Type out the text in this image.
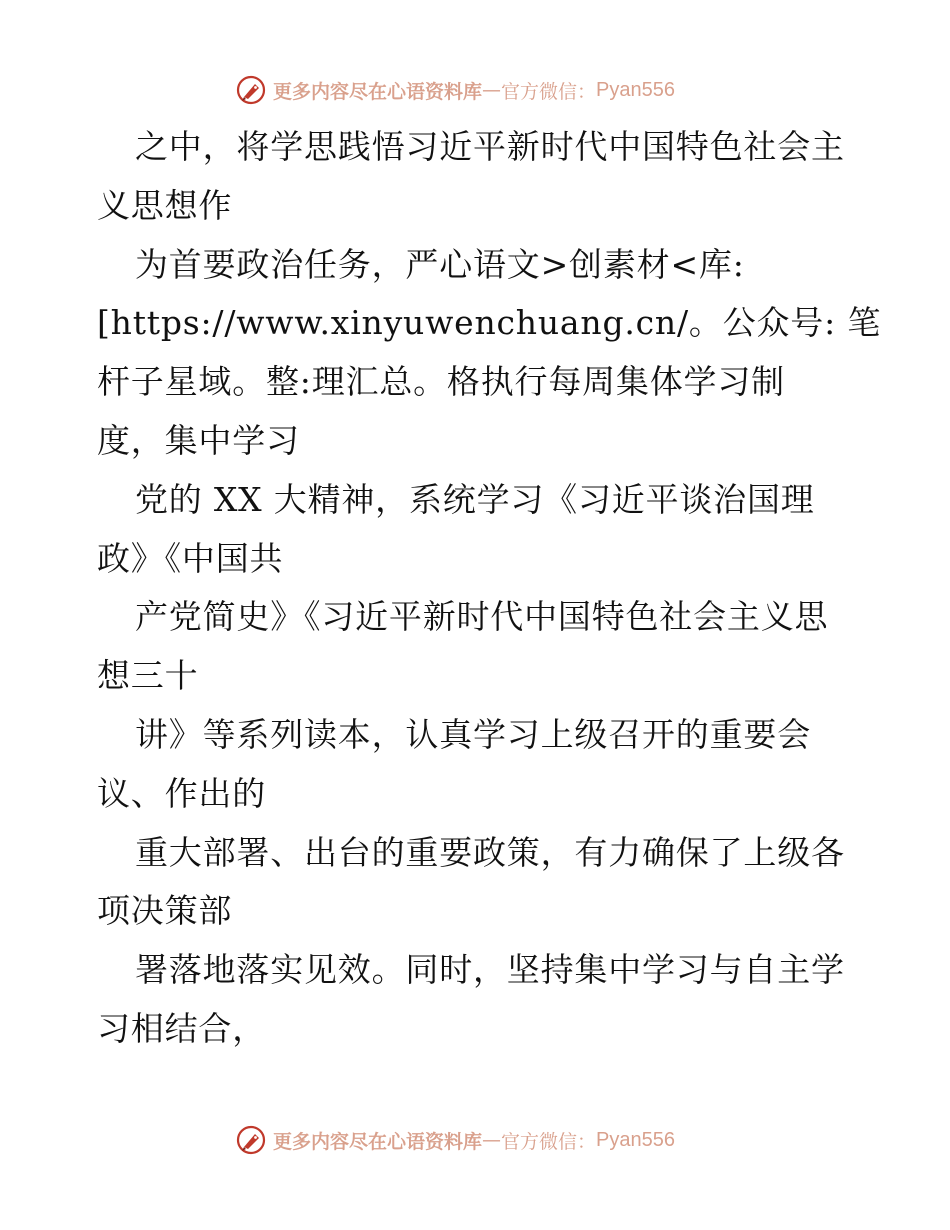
更多内容尽在心语资料库 — 官方微信： Pyan556
之中，将学思践悟习近平新时代中国特色社会主
义思想作
为首要政治任务，严心语文>创素材<库:
[https://www.xinyuwenchuang.cn/。公众号: 笔
杆子星域。整:理汇总。格执行每周集体学习制
度，集中学习
党的 XX 大精神，系统学习《习近平谈治国理
政》《中国共
产党简史》《习近平新时代中国特色社会主义思
想三十
讲》等系列读本，认真学习上级召开的重要会
议、作出的
重大部署、出台的重要政策，有力确保了上级各
项决策部
署落地落实见效。同时，坚持集中学习与自主学
习相结合，
更多内容尽在心语资料库 — 官方微信： Pyan556
